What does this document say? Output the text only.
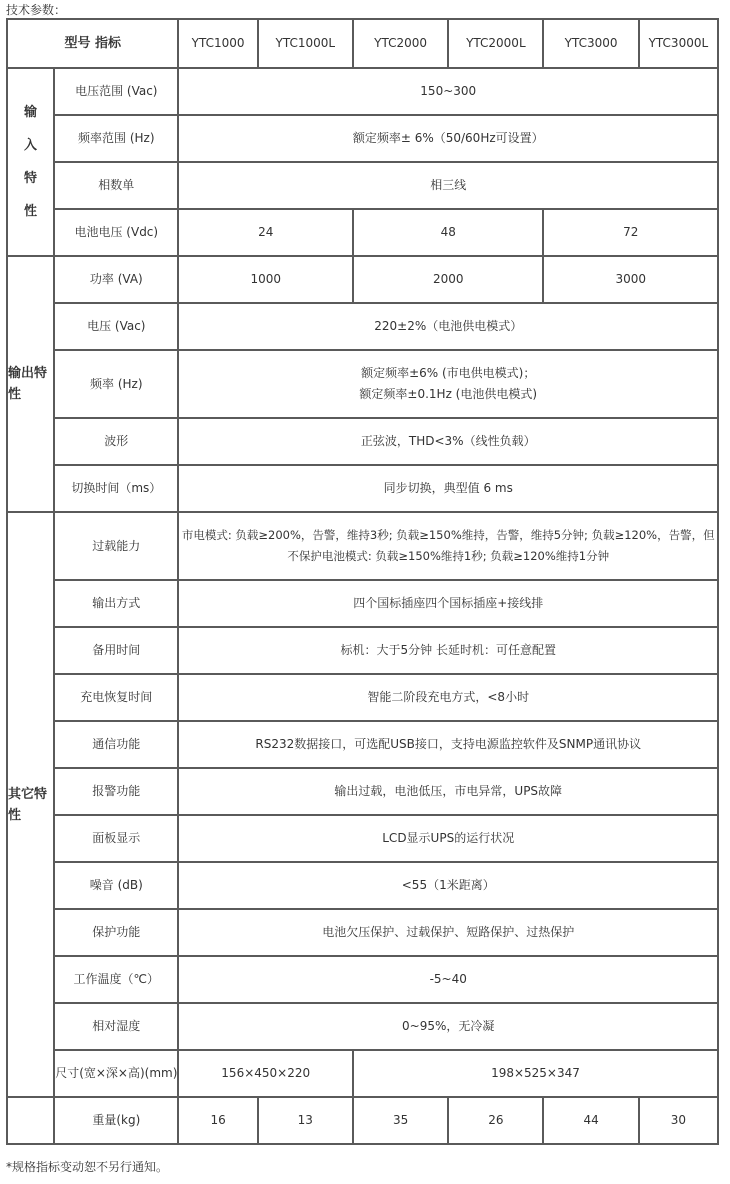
技术参数：
型号 指标		YTC1000	YTC1000L	YTC2000	YTC2000L	YTC3000	YTC3000L
输
入
特
性	电压范围 (Vac)	150~300					
	频率范围 (Hz)	额定频率± 6%（50/60Hz可设置）					
	相数单	相三线					
	电池电压 (Vdc)	24		48		72	
输出特性	功率 (VA)	1000		2000		3000	
	电压 (Vac)	220±2%（电池供电模式）					
	频率 (Hz)	额定频率±6% (市电供电模式)；
额定频率±0.1Hz (电池供电模式)					

	波形	正弦波，THD<3%（线性负载）					
	切换时间（ms）	同步切换，典型值 6 ms					
其它特性	过载能力	市电模式: 负载≥200%，告警，维持3秒; 负载≥150%维持，告警，维持5分钟; 负载≥120%，告警，但
不保护电池模式: 负载≥150%维持1秒; 负载≥120%维持1分钟					

	输出方式	四个国标插座四个国标插座+接线排					
	备用时间	标机：大于5分钟 长延时机：可任意配置					
	充电恢复时间	智能二阶段充电方式，<8小时					
	通信功能	RS232数据接口，可选配USB接口，支持电源监控软件及SNMP通讯协议					
	报警功能	输出过载，电池低压，市电异常，UPS故障					
	面板显示	LCD显示UPS的运行状况					
	噪音 (dB)	<55（1米距离）					
	保护功能	电池欠压保护、过载保护、短路保护、过热保护					
	工作温度（℃）	-5~40					
	相对湿度	0~95%，无冷凝					
	尺寸(宽×深×高)(mm)	156×450×220		198×525×347			
	重量(kg)	16	13	35	26	44	30
*规格指标变动恕不另行通知。
